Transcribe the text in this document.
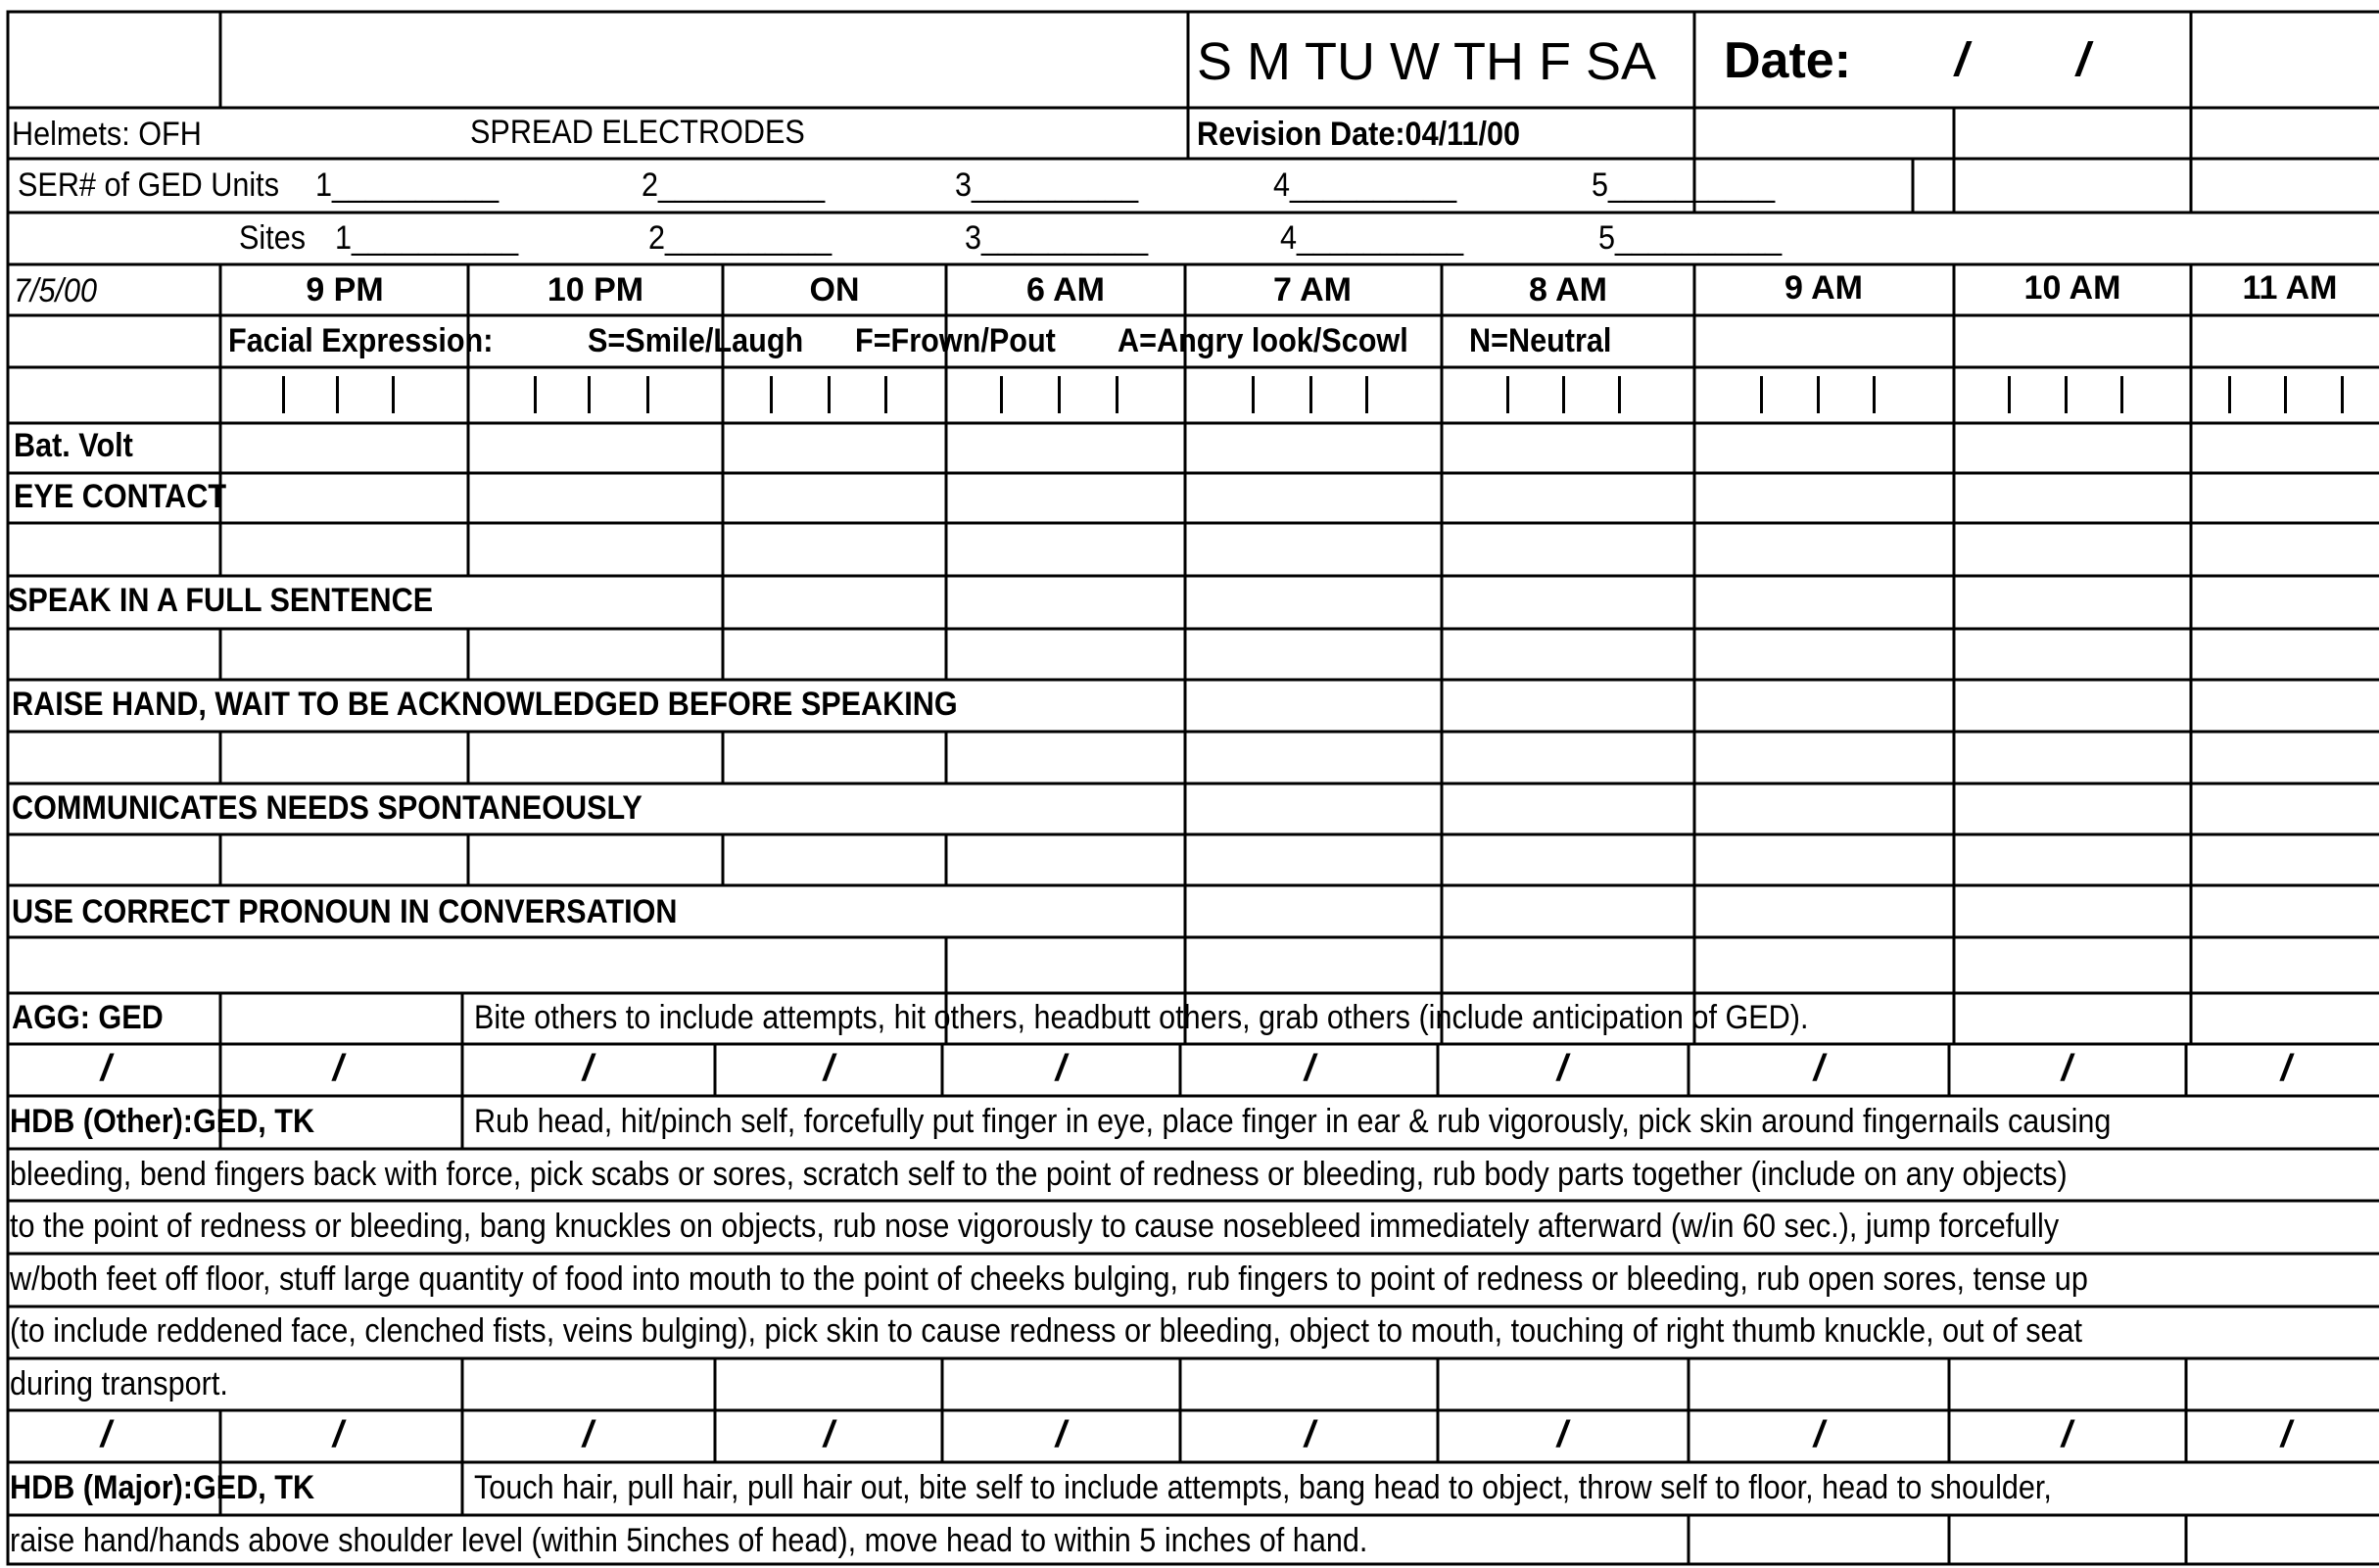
S M TU W TH F SA Date: / /
Helmets: OFH	SPREAD ELECTRODES	Revision Date:04/11/00
SER# of GED Units 1__________	2__________	3__________	4__________	5__________
Sites 1__________	2__________	3__________	4__________	5__________
7/5/00	9 PM	10 PM	ON	6 AM	7 AM	8 AM	9 AM	10 AM	11 AM
Facial Expression:	S=Smile/Laugh F=Frown/Pout A=Angry look/Scowl N=Neutral
Bat. Volt
EYE CONTACT
SPEAK IN A FULL SENTENCE
RAISE HAND, WAIT TO BE ACKNOWLEDGED BEFORE SPEAKING
COMMUNICATES NEEDS SPONTANEOUSLY
USE CORRECT PRONOUN IN CONVERSATION
AGG: GED	Bite others to include attempts, hit others, headbutt others, grab others (include anticipation of GED).
/	/	/	/	/	/	/	/	/	/
HDB (Other):GED, TK	Rub head, hit/pinch self, forcefully put finger in eye, place finger in ear & rub vigorously, pick skin around fingernails causing
bleeding, bend fingers back with force, pick scabs or sores, scratch self to the point of redness or bleeding, rub body parts together (include on any objects)
to the point of redness or bleeding, bang knuckles on objects, rub nose vigorously to cause nosebleed immediately afterward (w/in 60 sec.), jump forcefully
w/both feet off floor, stuff large quantity of food into mouth to the point of cheeks bulging, rub fingers to point of redness or bleeding, rub open sores, tense up
(to include reddened face, clenched fists, veins bulging), pick skin to cause redness or bleeding, object to mouth, touching of right thumb knuckle, out of seat
during transport.
/	/	/	/	/	/	/	/	/	/
HDB (Major):GED, TK	Touch hair, pull hair, pull hair out, bite self to include attempts, bang head to object, throw self to floor, head to shoulder,
raise hand/hands above shoulder level (within 5inches of head), move head to within 5 inches of hand.
